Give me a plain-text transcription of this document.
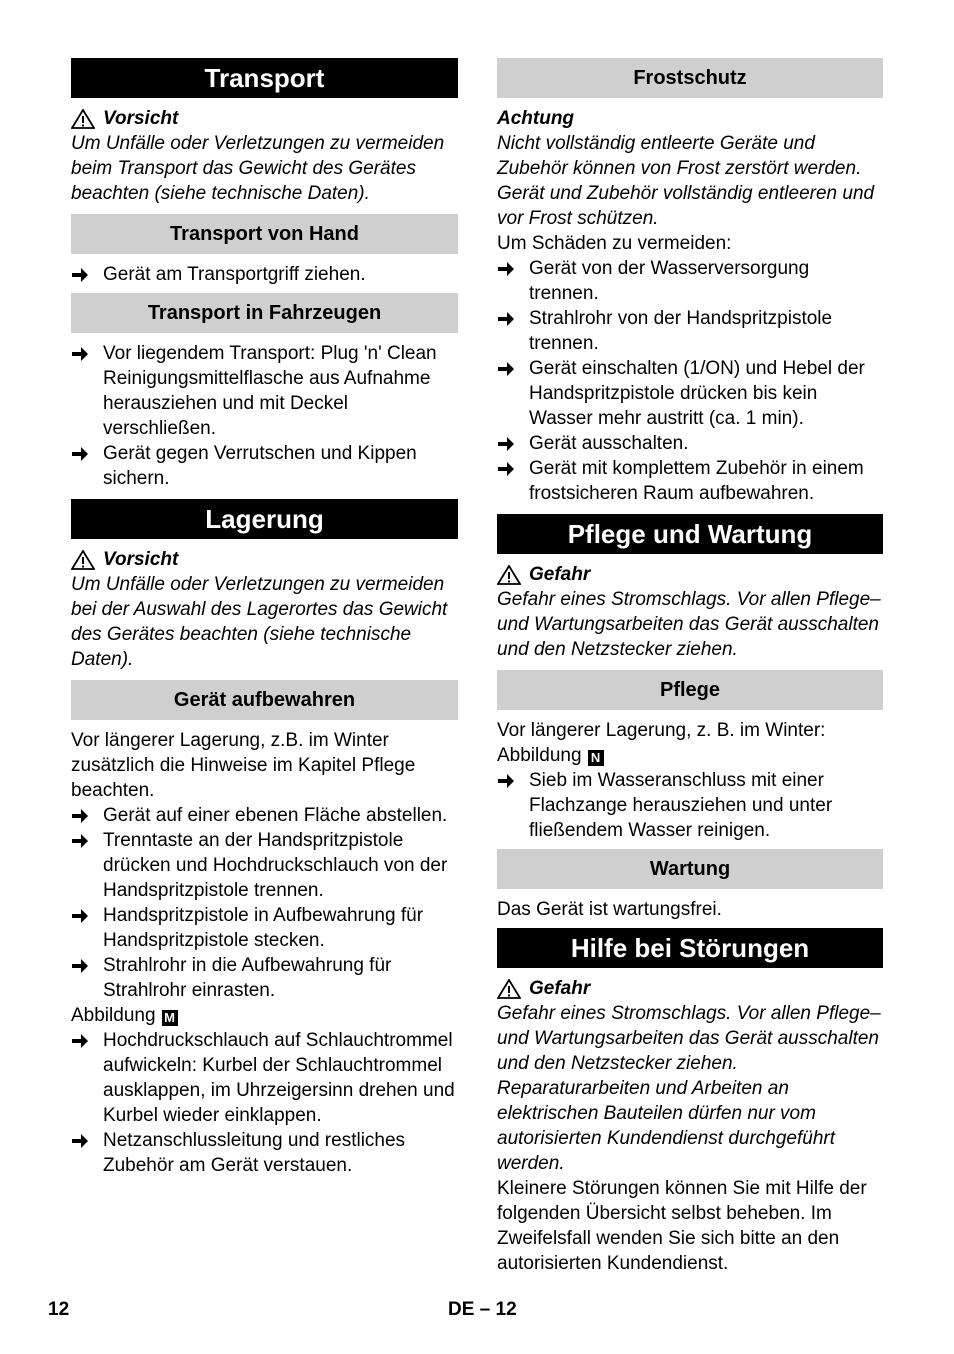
Transport
Vorsicht
Um Unfälle oder Verletzungen zu vermeiden beim Transport das Gewicht des Gerätes beachten (siehe technische Daten).
Transport von Hand
Gerät am Transportgriff ziehen.
Transport in Fahrzeugen
Vor liegendem Transport: Plug 'n' Clean Reinigungsmittelflasche aus Aufnahme herausziehen und mit Deckel verschließen.
Gerät gegen Verrutschen und Kippen sichern.
Lagerung
Vorsicht
Um Unfälle oder Verletzungen zu vermeiden bei der Auswahl des Lagerortes das Gewicht des Gerätes beachten (siehe technische Daten).
Gerät aufbewahren
Vor längerer Lagerung, z.B. im Winter zusätzlich die Hinweise im Kapitel Pflege beachten.
Gerät auf einer ebenen Fläche abstellen.
Trenntaste an der Handspritzpistole drücken und Hochdruckschlauch von der Handspritzpistole trennen.
Handspritzpistole in Aufbewahrung für Handspritzpistole stecken.
Strahlrohr in die Aufbewahrung für Strahlrohr einrasten.
Abbildung M
Hochdruckschlauch auf Schlauchtrommel aufwickeln: Kurbel der Schlauchtrommel ausklappen, im Uhrzeigersinn drehen und Kurbel wieder einklappen.
Netzanschlussleitung und restliches Zubehör am Gerät verstauen.
Frostschutz
Achtung
Nicht vollständig entleerte Geräte und Zubehör können von Frost zerstört werden. Gerät und Zubehör vollständig entleeren und vor Frost schützen.
Um Schäden zu vermeiden:
Gerät von der Wasserversorgung trennen.
Strahlrohr von der Handspritzpistole trennen.
Gerät einschalten (1/ON) und Hebel der Handspritzpistole drücken bis kein Wasser mehr austritt (ca. 1 min).
Gerät ausschalten.
Gerät mit komplettem Zubehör in einem frostsicheren Raum aufbewahren.
Pflege und Wartung
Gefahr
Gefahr eines Stromschlags. Vor allen Pflege– und Wartungsarbeiten das Gerät ausschalten und den Netzstecker ziehen.
Pflege
Vor längerer Lagerung, z. B. im Winter:
Abbildung N
Sieb im Wasseranschluss mit einer Flachzange herausziehen und unter fließendem Wasser reinigen.
Wartung
Das Gerät ist wartungsfrei.
Hilfe bei Störungen
Gefahr
Gefahr eines Stromschlags. Vor allen Pflege– und Wartungsarbeiten das Gerät ausschalten und den Netzstecker ziehen. Reparaturarbeiten und Arbeiten an elektrischen Bauteilen dürfen nur vom autorisierten Kundendienst durchgeführt werden.
Kleinere Störungen können Sie mit Hilfe der folgenden Übersicht selbst beheben. Im Zweifelsfall wenden Sie sich bitte an den autorisierten Kundendienst.
12	DE – 12
